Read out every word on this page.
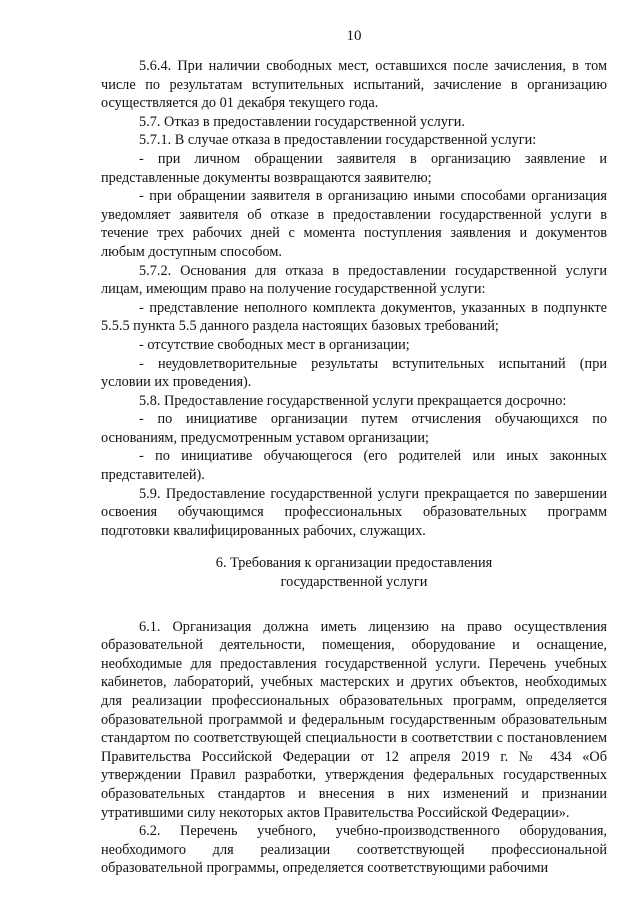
10

5.6.4. При наличии свободных мест, оставшихся после зачисления, в том числе по результатам вступительных испытаний, зачисление в организацию осуществляется до 01 декабря текущего года.

5.7. Отказ в предоставлении государственной услуги.

5.7.1. В случае отказа в предоставлении государственной услуги:

- при личном обращении заявителя в организацию заявление и представленные документы возвращаются заявителю;

- при обращении заявителя в организацию иными способами организация уведомляет заявителя об отказе в предоставлении государственной услуги в течение трех рабочих дней с момента поступления заявления и документов любым доступным способом.

5.7.2. Основания для отказа в предоставлении государственной услуги лицам, имеющим право на получение государственной услуги:

- представление неполного комплекта документов, указанных в подпункте 5.5.5 пункта 5.5 данного раздела настоящих базовых требований;

- отсутствие свободных мест в организации;

- неудовлетворительные результаты вступительных испытаний (при условии их проведения).

5.8. Предоставление государственной услуги прекращается досрочно:

- по инициативе организации путем отчисления обучающихся по основаниям, предусмотренным уставом организации;

- по инициативе обучающегося (его родителей или иных законных представителей).

5.9. Предоставление государственной услуги прекращается по завершении освоения обучающимся профессиональных образовательных программ подготовки квалифицированных рабочих, служащих.

6. Требования к организации предоставления
государственной услуги

6.1. Организация должна иметь лицензию на право осуществления образовательной деятельности, помещения, оборудование и оснащение, необходимые для предоставления государственной услуги. Перечень учебных кабинетов, лабораторий, учебных мастерских и других объектов, необходимых для реализации профессиональных образовательных программ, определяется образовательной программой и федеральным государственным образовательным стандартом по соответствующей специальности в соответствии с постановлением Правительства Российской Федерации от 12 апреля 2019 г. № 434 «Об утверждении Правил разработки, утверждения федеральных государственных образовательных стандартов и внесения в них изменений и признании утратившими силу некоторых актов Правительства Российской Федерации».

6.2. Перечень учебного, учебно-производственного оборудования, необходимого для реализации соответствующей профессиональной образовательной программы, определяется соответствующими рабочими
